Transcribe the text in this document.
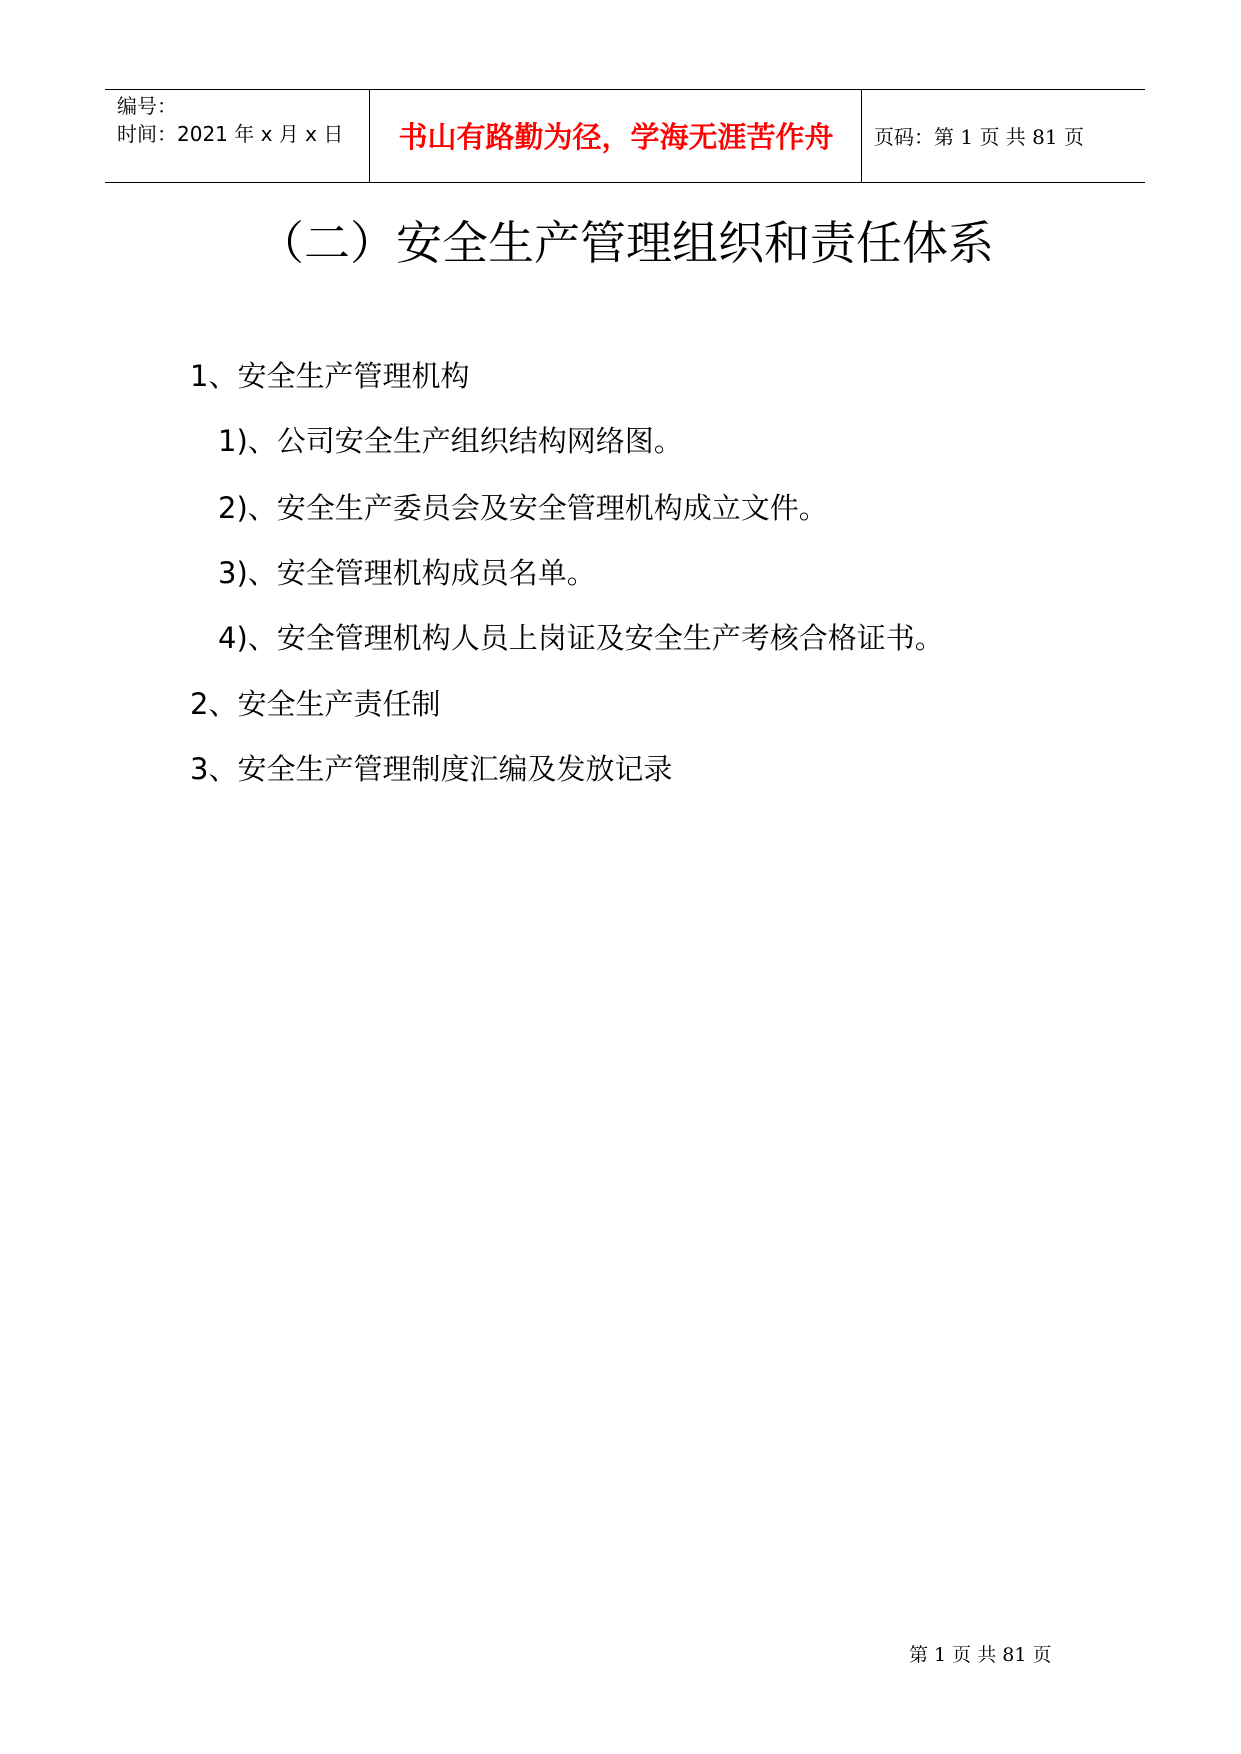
编号：
时间：2021 年 x 月 x 日	书山有路勤为径，学海无涯苦作舟	页码：第 1 页 共 81 页
（二）安全生产管理组织和责任体系
1、安全生产管理机构
1)、公司安全生产组织结构网络图。
2)、安全生产委员会及安全管理机构成立文件。
3)、安全管理机构成员名单。
4)、安全管理机构人员上岗证及安全生产考核合格证书。
2、安全生产责任制
3、安全生产管理制度汇编及发放记录
第 1 页 共 81 页
